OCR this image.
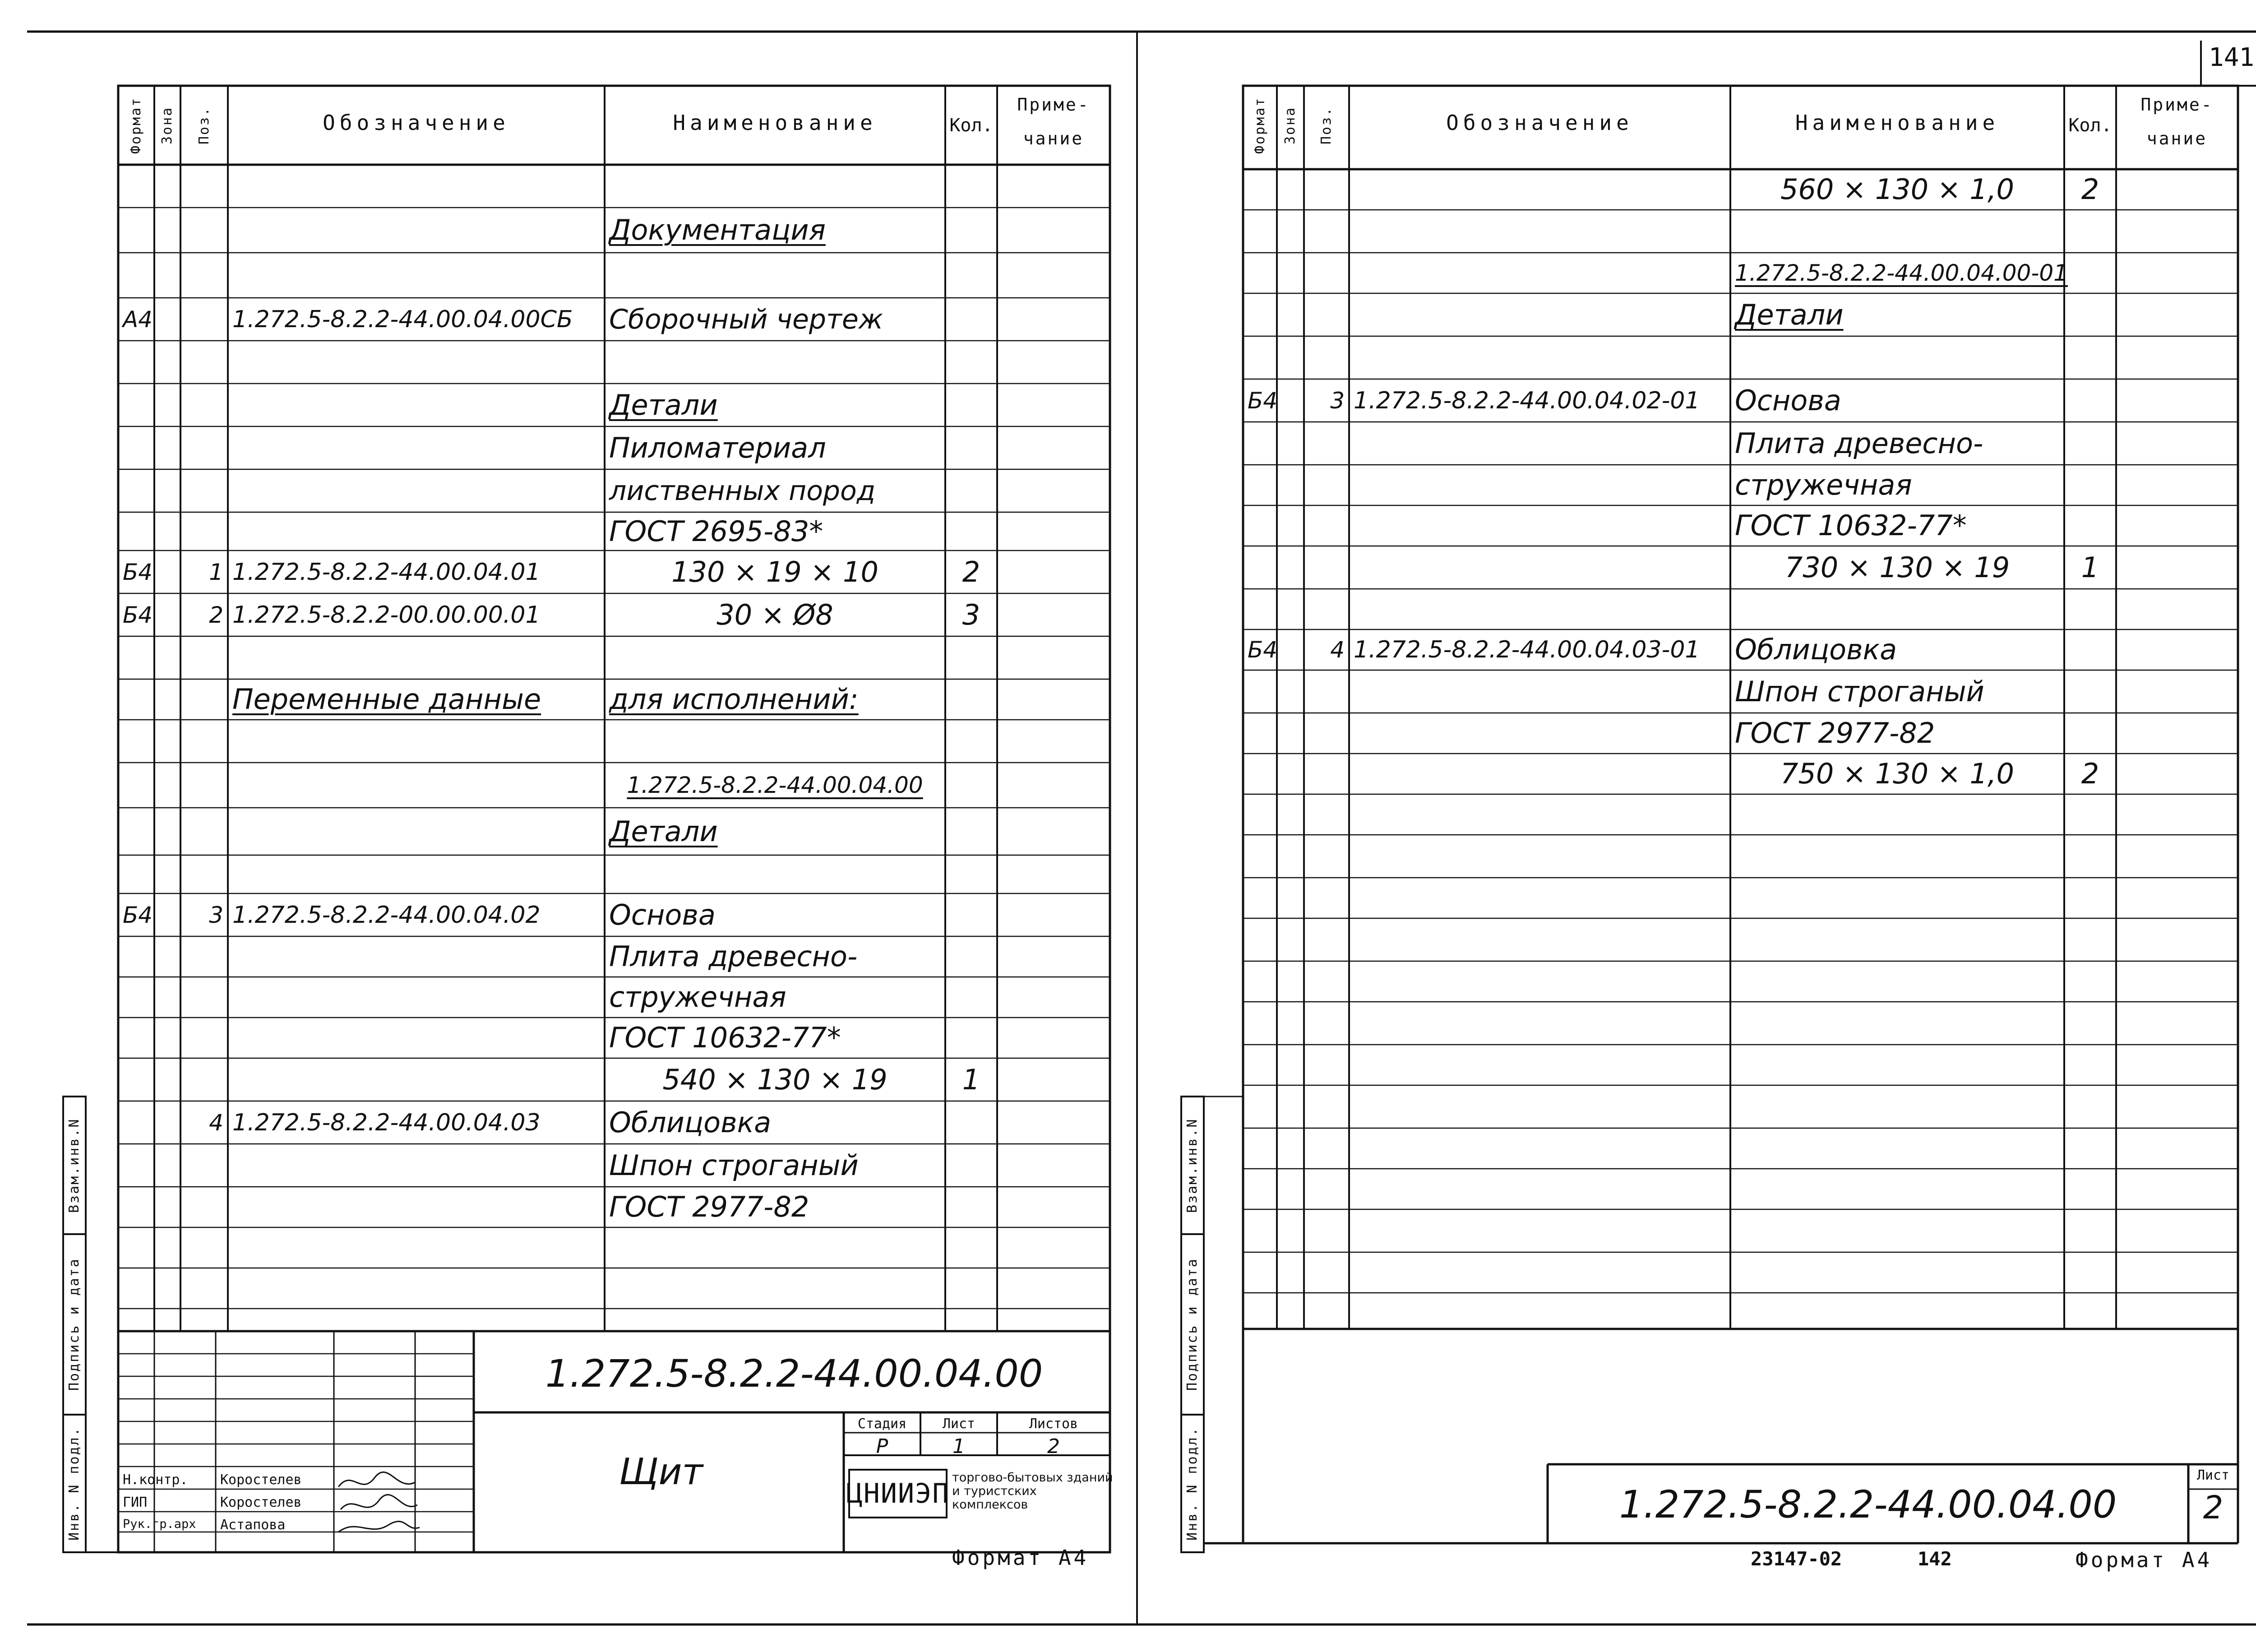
141
Формат	Зона	Поз.	Обозначение	Наименование	Кол.
Приме-
чание
Документация
А4	1.272.5-8.2.2-44.00.04.00СБ	Сборочный чертеж
Детали
Пиломатериал
лиственных пород
ГОСТ 2695-83*
Б4	1 1.272.5-8.2.2-44.00.04.01	130 × 19 × 10	2
Б4	2 1.272.5-8.2.2-00.00.00.01	30 × Ø8	3
Переменные данные	для исполнений:
1.272.5-8.2.2-44.00.04.00
Детали
Б4	3 1.272.5-8.2.2-44.00.04.02	Основа
Плита древесно-
стружечная
ГОСТ 10632-77*
540 × 130 × 19	1
4 1.272.5-8.2.2-44.00.04.03	Облицовка
Шпон строганый
ГОСТ 2977-82
Инв. N подл.
Подпись и дата
Взам.инв.N
1.272.5-8.2.2-44.00.04.00
Щит
Стадия	Лист	Листов
Р	1	2
ЦНИИЭП
торгово-бытовых зданий и туристских комплексов
Н.контр.	Коростелев
ГИП	Коростелев
Рук.гр.арх	Астапова
Формат А4
Формат	Зона	Поз.	Обозначение	Наименование	Кол.
Приме-
чание
560 × 130 × 1,0	2
1.272.5-8.2.2-44.00.04.00-01
Детали
Б4	3 1.272.5-8.2.2-44.00.04.02-01	Основа
Плита древесно-
стружечная
ГОСТ 10632-77*
730 × 130 × 19	1
Б4	4 1.272.5-8.2.2-44.00.04.03-01	Облицовка
Шпон строганый
ГОСТ 2977-82
750 × 130 × 1,0	2
Инв. N подл.
Подпись и дата
Взам.инв.N
1.272.5-8.2.2-44.00.04.00
Лист
2
23147-02	142	Формат А4
